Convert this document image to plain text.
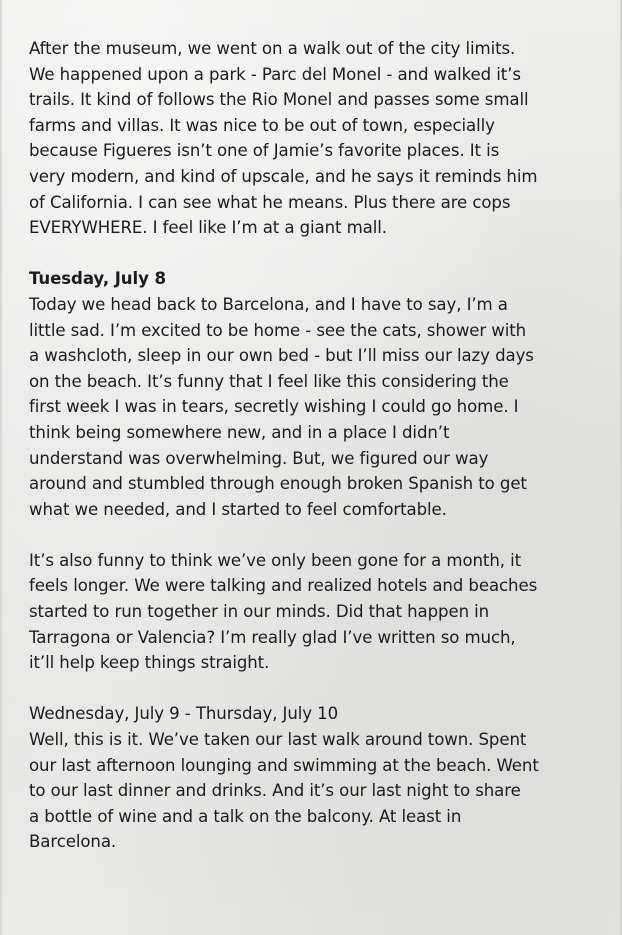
After the museum, we went on a walk out of the city limits.
We happened upon a park - Parc del Monel - and walked it’s
trails. It kind of follows the Rio Monel and passes some small
farms and villas. It was nice to be out of town, especially
because Figueres isn’t one of Jamie’s favorite places. It is
very modern, and kind of upscale, and he says it reminds him
of California. I can see what he means. Plus there are cops
EVERYWHERE. I feel like I’m at a giant mall.

Tuesday, July 8

Today we head back to Barcelona, and I have to say, I’m a
little sad. I’m excited to be home - see the cats, shower with
a washcloth, sleep in our own bed - but I’ll miss our lazy days
on the beach. It’s funny that I feel like this considering the
first week I was in tears, secretly wishing I could go home. I
think being somewhere new, and in a place I didn’t
understand was overwhelming. But, we figured our way
around and stumbled through enough broken Spanish to get
what we needed, and I started to feel comfortable.

It’s also funny to think we’ve only been gone for a month, it
feels longer. We were talking and realized hotels and beaches
started to run together in our minds. Did that happen in
Tarragona or Valencia? I’m really glad I’ve written so much,
it’ll help keep things straight.

Wednesday, July 9 - Thursday, July 10

Well, this is it. We’ve taken our last walk around town. Spent
our last afternoon lounging and swimming at the beach. Went
to our last dinner and drinks. And it’s our last night to share
a bottle of wine and a talk on the balcony. At least in
Barcelona.
